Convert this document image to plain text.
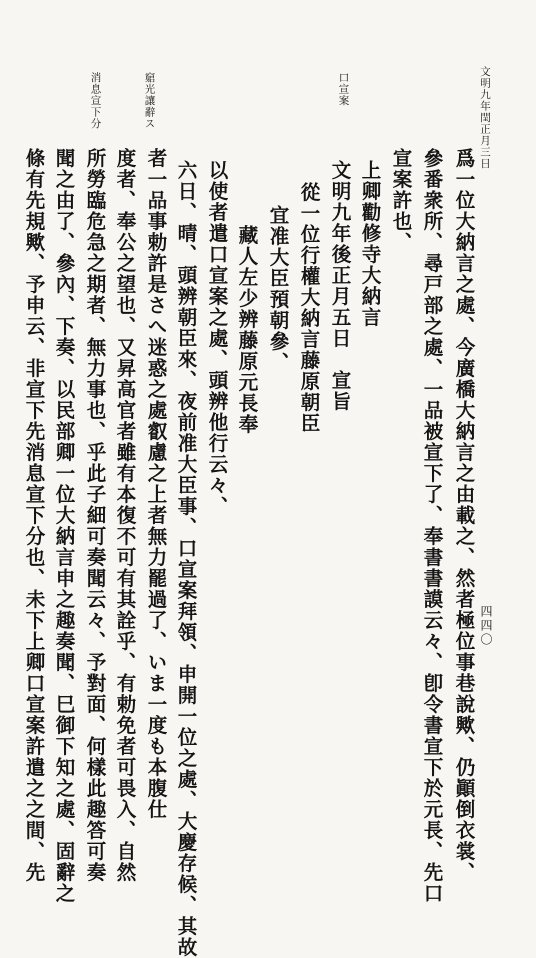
文明九年閏正月三日
四四〇
口宣案
竆光讓辭ス
消息宣下分
爲一位大納言之處、今廣橋大納言之由載之、然者極位事巷說歟、仍顚倒衣裳、
參番衆所、尋戸部之處、一品被宣下了、奉書書謨云々、卽令書宣下於元長、先口
宣案許也、
上卿勸修寺大納言
文明九年後正月五日　宣旨
從一位行權大納言藤原朝臣
宜准大臣預朝參、
藏人左少辨藤原元長奉
以使者遣口宣案之處、頭辨他行云々、
六日、晴、頭辨朝臣來、夜前准大臣事、口宣案拜領、申開一位之處、大慶存候、其故
者一品事勅許是さへ迷惑之處叡慮之上者無力罷過了、いま一度も本腹仕
度者、奉公之望也、又昇高官者雖有本復不可有其詮乎、有勅免者可畏入、自然
所勞臨危急之期者、無力事也、乎此子細可奏聞云々、予對面、何樣此趣答可奏
聞之由了、參內、下奏、以民部卿一位大納言申之趣奏聞、巳御下知之處、固辭之
條有先規歟、予申云、非宣下先消息宣下分也、未下上卿口宣案許遣之之間、先
